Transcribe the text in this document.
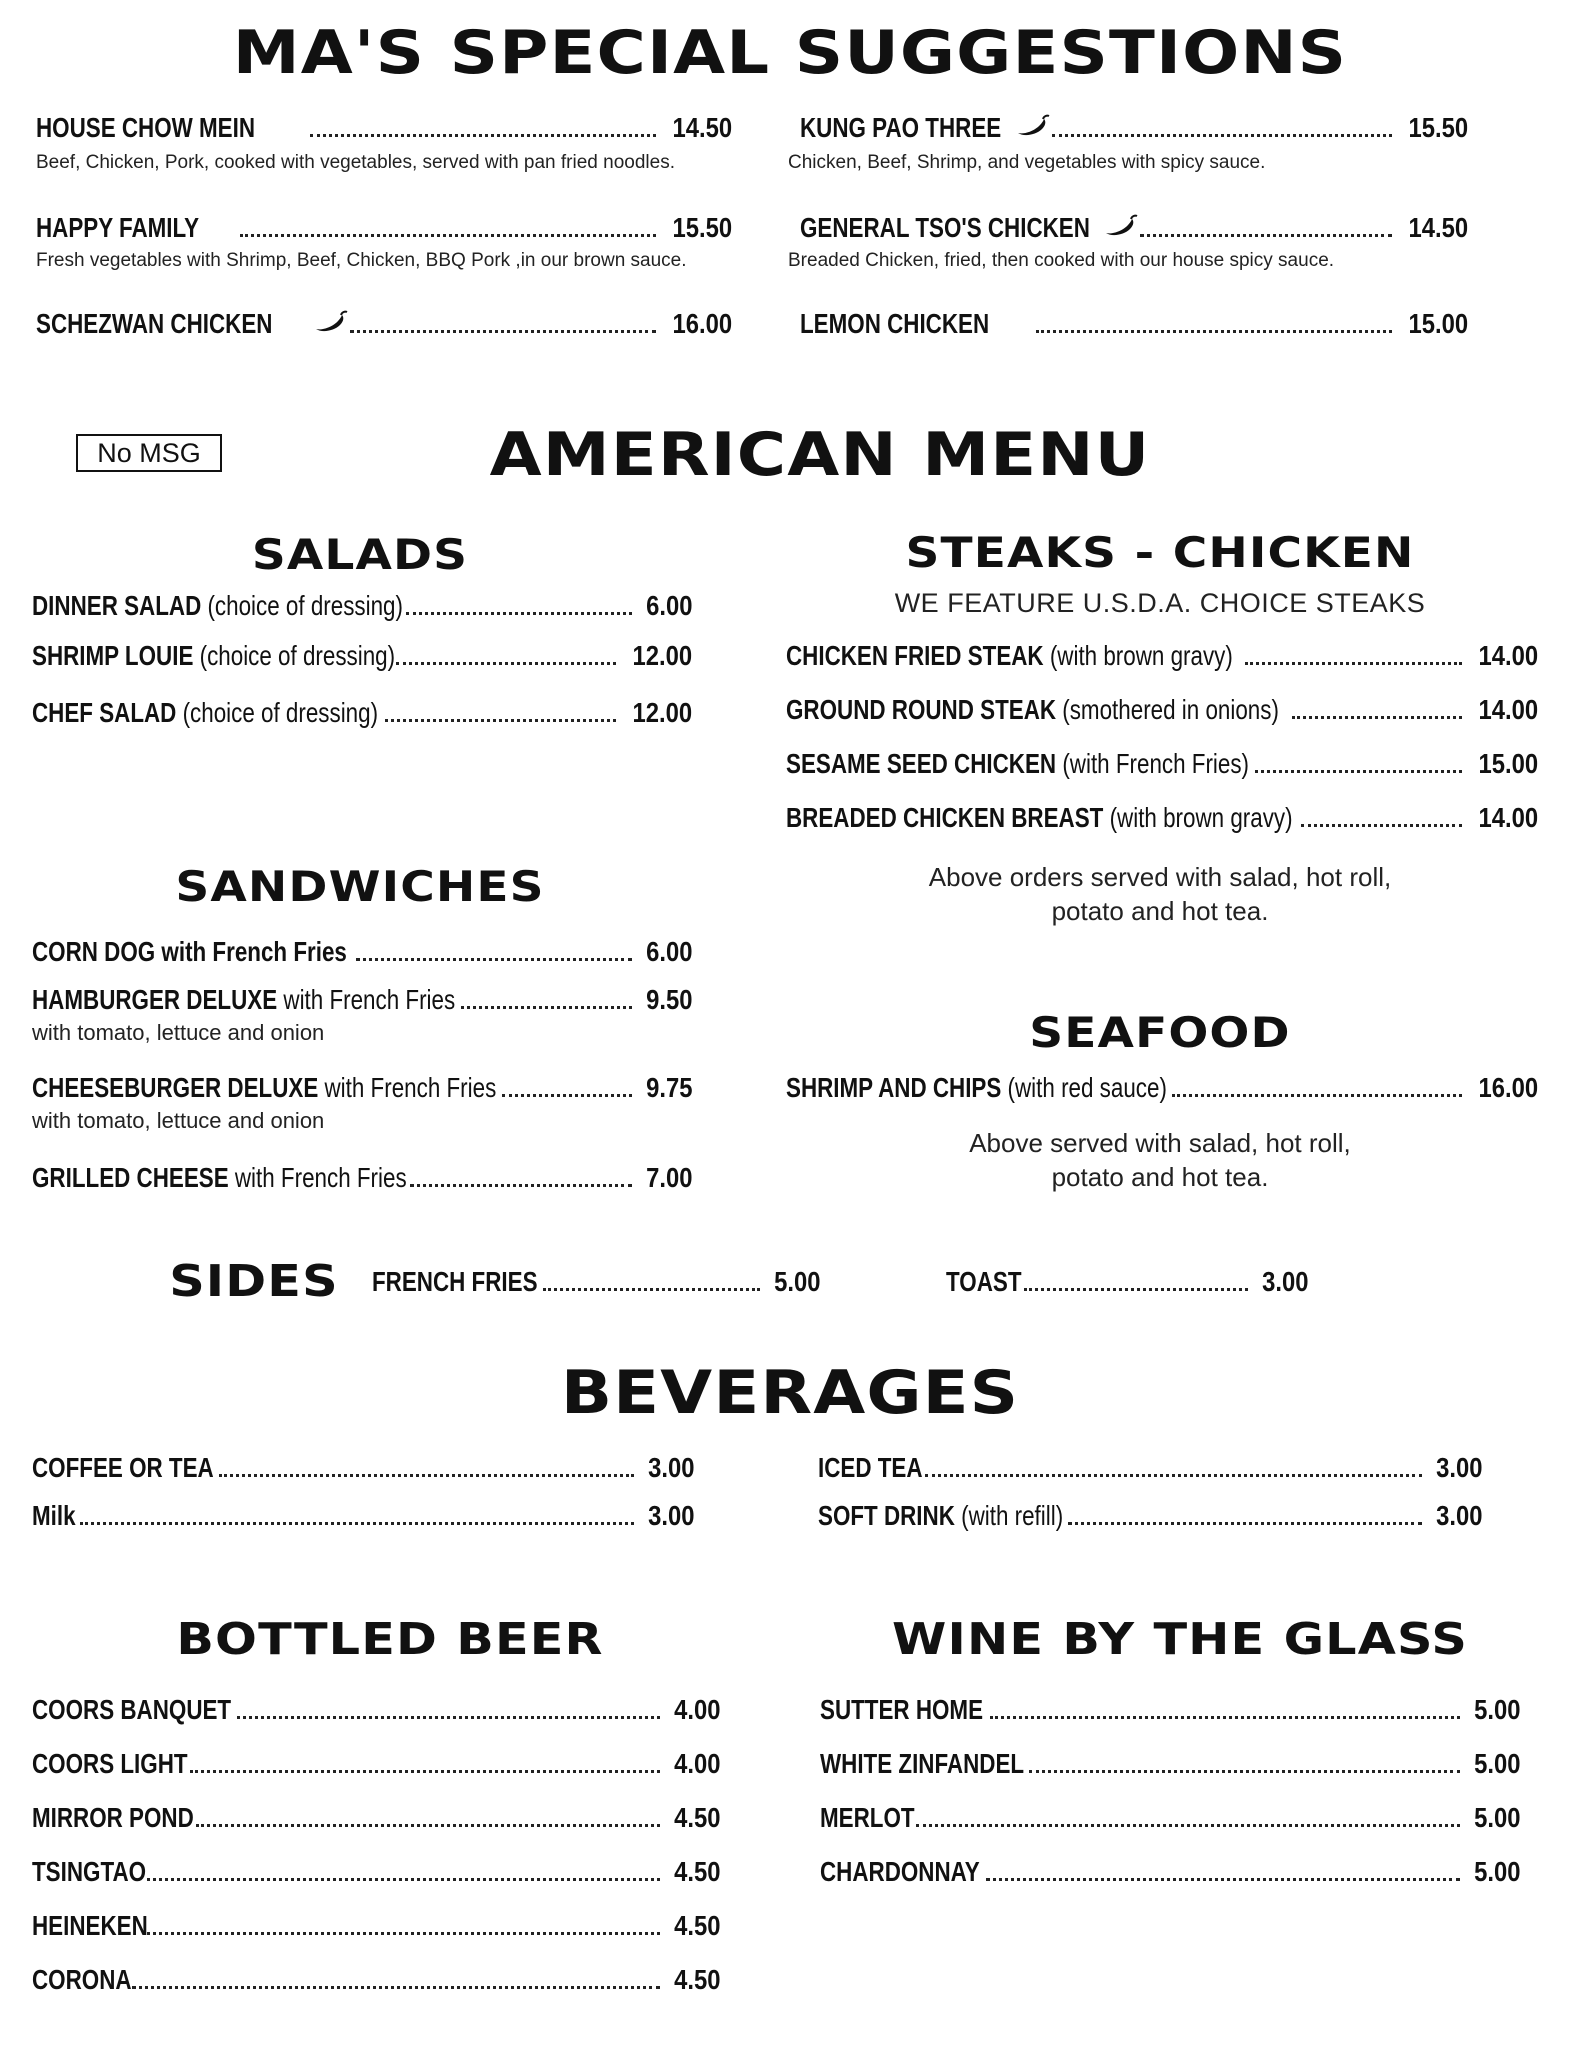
MA'S SPECIAL SUGGESTIONS
HOUSE CHOW MEIN	14.50
Beef, Chicken, Pork, cooked with vegetables, served with pan fried noodles.
HAPPY FAMILY	15.50
Fresh vegetables with Shrimp, Beef, Chicken, BBQ Pork ,in our brown sauce.
SCHEZWAN CHICKEN	16.00
KUNG PAO THREE	15.50
Chicken, Beef, Shrimp, and vegetables with spicy sauce.
GENERAL TSO'S CHICKEN	14.50
Breaded Chicken, fried, then cooked with our house spicy sauce.
LEMON CHICKEN	15.00
No MSG	AMERICAN MENU
SALADS
DINNER SALAD (choice of dressing)	6.00
SHRIMP LOUIE (choice of dressing)	12.00
CHEF SALAD (choice of dressing)	12.00
STEAKS - CHICKEN
WE FEATURE U.S.D.A. CHOICE STEAKS
CHICKEN FRIED STEAK (with brown gravy)	14.00
GROUND ROUND STEAK (smothered in onions)	14.00
SESAME SEED CHICKEN (with French Fries)	15.00
BREADED CHICKEN BREAST (with brown gravy)	14.00
Above orders served with salad, hot roll,
potato and hot tea.
SANDWICHES
CORN DOG with French Fries	6.00
HAMBURGER DELUXE with French Fries	9.50
with tomato, lettuce and onion
CHEESEBURGER DELUXE with French Fries	9.75
with tomato, lettuce and onion
GRILLED CHEESE with French Fries	7.00
SEAFOOD
SHRIMP AND CHIPS (with red sauce)	16.00
Above served with salad, hot roll,
potato and hot tea.
SIDES	FRENCH FRIES	5.00	TOAST	3.00
BEVERAGES
COFFEE OR TEA	3.00
Milk	3.00
ICED TEA	3.00
SOFT DRINK (with refill)	3.00
BOTTLED BEER
COORS BANQUET	4.00
COORS LIGHT	4.00
MIRROR POND	4.50
TSINGTAO	4.50
HEINEKEN	4.50
CORONA	4.50
WINE BY THE GLASS
SUTTER HOME	5.00
WHITE ZINFANDEL	5.00
MERLOT	5.00
CHARDONNAY	5.00
